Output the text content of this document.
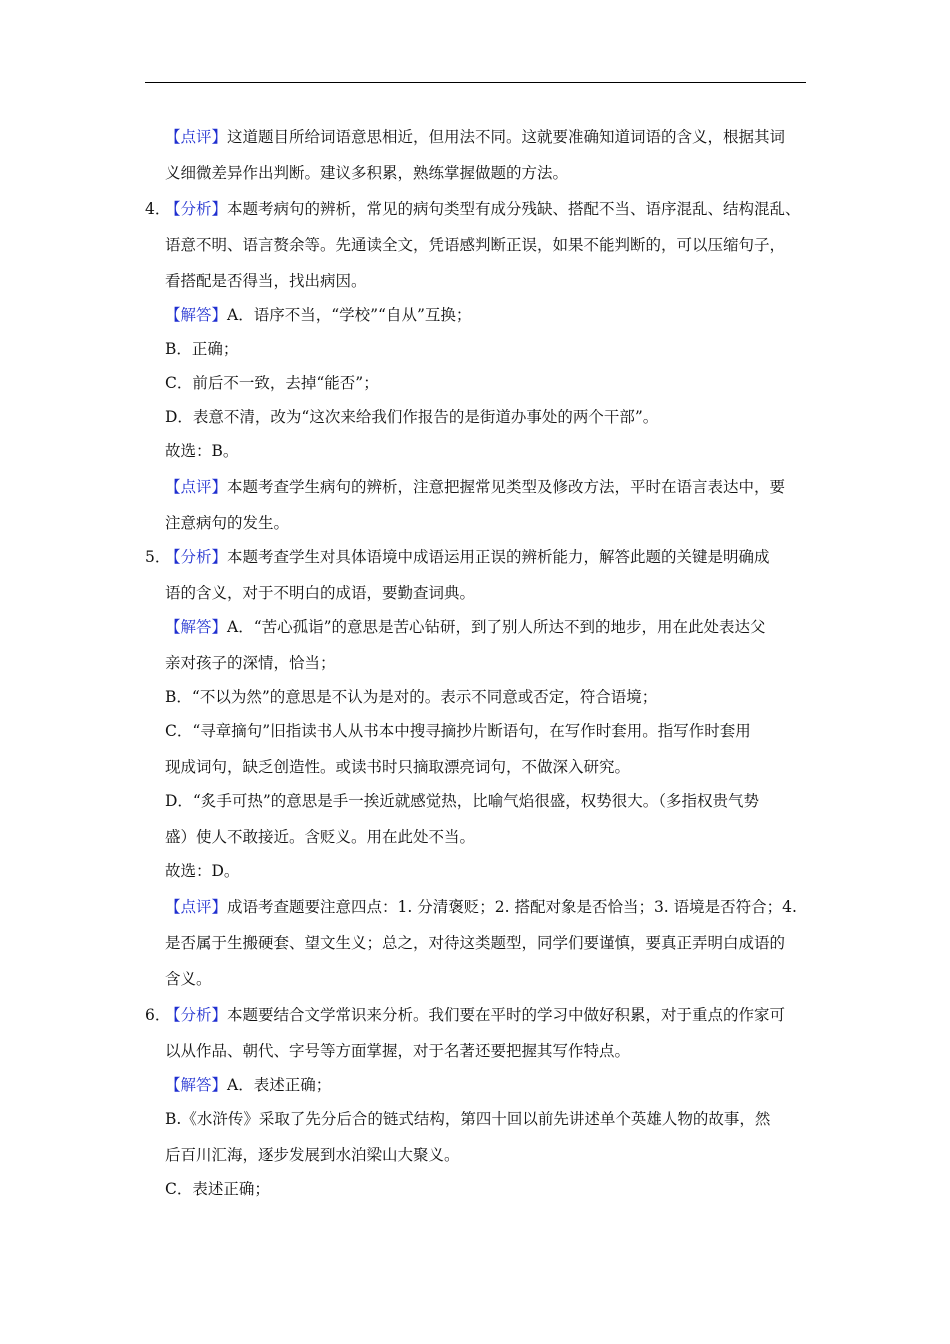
【点评】这道题目所给词语意思相近，但用法不同。这就要准确知道词语的含义，根据其词
义细微差异作出判断。建议多积累，熟练掌握做题的方法。
4．
【分析】本题考病句的辨析，常见的病句类型有成分残缺、搭配不当、语序混乱、结构混乱、
语意不明、语言赘余等。先通读全文，凭语感判断正误，如果不能判断的，可以压缩句子，
看搭配是否得当，找出病因。
【解答】A．语序不当，“学校”“自从”互换；
B．正确；
C．前后不一致，去掉“能否”；
D．表意不清，改为“这次来给我们作报告的是街道办事处的两个干部”。
故选：B。
【点评】本题考查学生病句的辨析，注意把握常见类型及修改方法，平时在语言表达中，要
注意病句的发生。
5．
【分析】本题考查学生对具体语境中成语运用正误的辨析能力，解答此题的关键是明确成
语的含义，对于不明白的成语，要勤查词典。
【解答】A．“苦心孤诣”的意思是苦心钻研，到了别人所达不到的地步，用在此处表达父
亲对孩子的深情，恰当；
B．“不以为然”的意思是不认为是对的。表示不同意或否定，符合语境；
C．“寻章摘句”旧指读书人从书本中搜寻摘抄片断语句，在写作时套用。指写作时套用
现成词句，缺乏创造性。或读书时只摘取漂亮词句，不做深入研究。
D．“炙手可热”的意思是手一挨近就感觉热，比喻气焰很盛，权势很大。（多指权贵气势
盛）使人不敢接近。含贬义。用在此处不当。
故选：D。
【点评】成语考查题要注意四点：1. 分清褒贬；2. 搭配对象是否恰当；3. 语境是否符合；4.
是否属于生搬硬套、望文生义；总之，对待这类题型，同学们要谨慎，要真正弄明白成语的
含义。
6．
【分析】本题要结合文学常识来分析。我们要在平时的学习中做好积累，对于重点的作家可
以从作品、朝代、字号等方面掌握，对于名著还要把握其写作特点。
【解答】A．表述正确；
B.《水浒传》采取了先分后合的链式结构，第四十回以前先讲述单个英雄人物的故事，然
后百川汇海，逐步发展到水泊梁山大聚义。
C．表述正确；
